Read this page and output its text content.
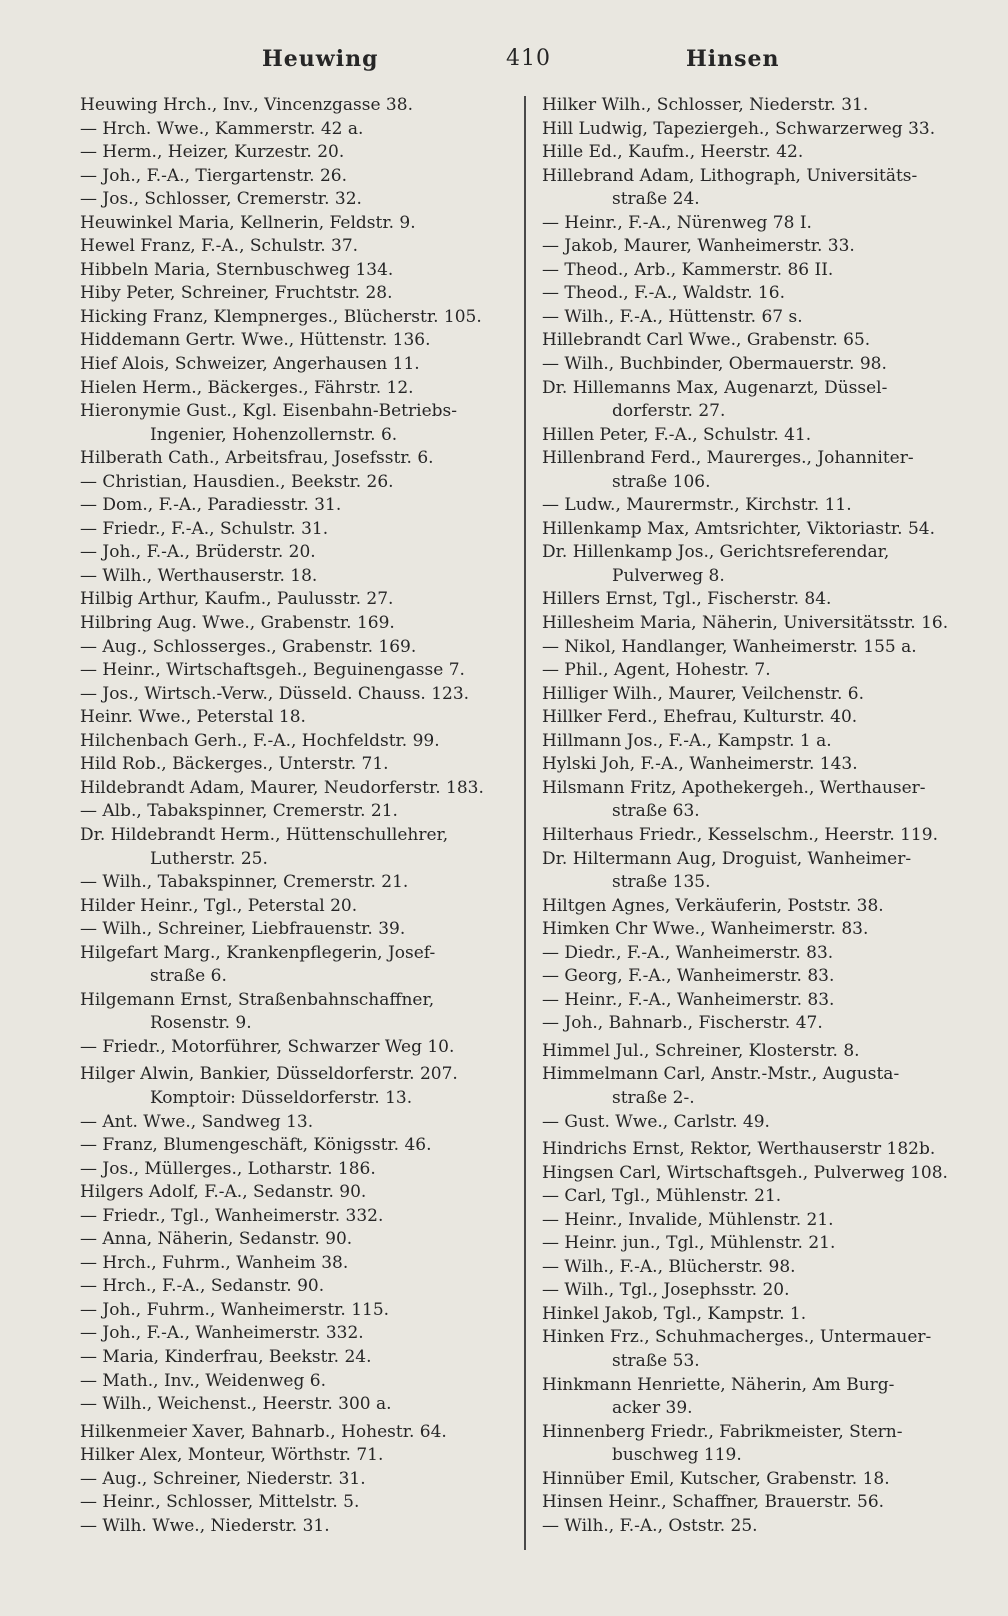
Heuwing	410	Hinsen
Heuwing Hrch., Inv., Vincenzgasse 38.
— Hrch. Wwe., Kammerstr. 42 a.
— Herm., Heizer, Kurzestr. 20.
— Joh., F.-A., Tiergartenstr. 26.
— Jos., Schlosser, Cremerstr. 32.
Heuwinkel Maria, Kellnerin, Feldstr. 9.
Hewel Franz, F.-A., Schulstr. 37.
Hibbeln Maria, Sternbuschweg 134.
Hiby Peter, Schreiner, Fruchtstr. 28.
Hicking Franz, Klempnerges., Blücherstr. 105.
Hiddemann Gertr. Wwe., Hüttenstr. 136.
Hief Alois, Schweizer, Angerhausen 11.
Hielen Herm., Bäckerges., Fährstr. 12.
Hieronymie Gust., Kgl. Eisenbahn-Betriebs-
Ingenier, Hohenzollernstr. 6.
Hilberath Cath., Arbeitsfrau, Josefsstr. 6.
— Christian, Hausdien., Beekstr. 26.
— Dom., F.-A., Paradiesstr. 31.
— Friedr., F.-A., Schulstr. 31.
— Joh., F.-A., Brüderstr. 20.
— Wilh., Werthauserstr. 18.
Hilbig Arthur, Kaufm., Paulusstr. 27.
Hilbring Aug. Wwe., Grabenstr. 169.
— Aug., Schlosserges., Grabenstr. 169.
— Heinr., Wirtschaftsgeh., Beguinengasse 7.
— Jos., Wirtsch.-Verw., Düsseld. Chauss. 123.
Heinr. Wwe., Peterstal 18.
Hilchenbach Gerh., F.-A., Hochfeldstr. 99.
Hild Rob., Bäckerges., Unterstr. 71.
Hildebrandt Adam, Maurer, Neudorferstr. 183.
— Alb., Tabakspinner, Cremerstr. 21.
Dr. Hildebrandt Herm., Hüttenschullehrer,
Lutherstr. 25.
— Wilh., Tabakspinner, Cremerstr. 21.
Hilder Heinr., Tgl., Peterstal 20.
— Wilh., Schreiner, Liebfrauenstr. 39.
Hilgefart Marg., Krankenpflegerin, Josef-
straße 6.
Hilgemann Ernst, Straßenbahnschaffner,
Rosenstr. 9.
— Friedr., Motorführer, Schwarzer Weg 10.
Hilger Alwin, Bankier, Düsseldorferstr. 207.
Komptoir: Düsseldorferstr. 13.
— Ant. Wwe., Sandweg 13.
— Franz, Blumengeschäft, Königsstr. 46.
— Jos., Müllerges., Lotharstr. 186.
Hilgers Adolf, F.-A., Sedanstr. 90.
— Friedr., Tgl., Wanheimerstr. 332.
— Anna, Näherin, Sedanstr. 90.
— Hrch., Fuhrm., Wanheim 38.
— Hrch., F.-A., Sedanstr. 90.
— Joh., Fuhrm., Wanheimerstr. 115.
— Joh., F.-A., Wanheimerstr. 332.
— Maria, Kinderfrau, Beekstr. 24.
— Math., Inv., Weidenweg 6.
— Wilh., Weichenst., Heerstr. 300 a.
Hilkenmeier Xaver, Bahnarb., Hohestr. 64.
Hilker Alex, Monteur, Wörthstr. 71.
— Aug., Schreiner, Niederstr. 31.
— Heinr., Schlosser, Mittelstr. 5.
— Wilh. Wwe., Niederstr. 31.
Hilker Wilh., Schlosser, Niederstr. 31.
Hill Ludwig, Tapeziergeh., Schwarzerweg 33.
Hille Ed., Kaufm., Heerstr. 42.
Hillebrand Adam, Lithograph, Universitäts-
straße 24.
— Heinr., F.-A., Nürenweg 78 I.
— Jakob, Maurer, Wanheimerstr. 33.
— Theod., Arb., Kammerstr. 86 II.
— Theod., F.-A., Waldstr. 16.
— Wilh., F.-A., Hüttenstr. 67 s.
Hillebrandt Carl Wwe., Grabenstr. 65.
— Wilh., Buchbinder, Obermauerstr. 98.
Dr. Hillemanns Max, Augenarzt, Düssel-
dorferstr. 27.
Hillen Peter, F.-A., Schulstr. 41.
Hillenbrand Ferd., Maurerges., Johanniter-
straße 106.
— Ludw., Maurermstr., Kirchstr. 11.
Hillenkamp Max, Amtsrichter, Viktoriastr. 54.
Dr. Hillenkamp Jos., Gerichtsreferendar,
Pulverweg 8.
Hillers Ernst, Tgl., Fischerstr. 84.
Hillesheim Maria, Näherin, Universitätsstr. 16.
— Nikol, Handlanger, Wanheimerstr. 155 a.
— Phil., Agent, Hohestr. 7.
Hilliger Wilh., Maurer, Veilchenstr. 6.
Hillker Ferd., Ehefrau, Kulturstr. 40.
Hillmann Jos., F.-A., Kampstr. 1 a.
Hylski Joh, F.-A., Wanheimerstr. 143.
Hilsmann Fritz, Apothekergeh., Werthauser-
straße 63.
Hilterhaus Friedr., Kesselschm., Heerstr. 119.
Dr. Hiltermann Aug, Droguist, Wanheimer-
straße 135.
Hiltgen Agnes, Verkäuferin, Poststr. 38.
Himken Chr Wwe., Wanheimerstr. 83.
— Diedr., F.-A., Wanheimerstr. 83.
— Georg, F.-A., Wanheimerstr. 83.
— Heinr., F.-A., Wanheimerstr. 83.
— Joh., Bahnarb., Fischerstr. 47.
Himmel Jul., Schreiner, Klosterstr. 8.
Himmelmann Carl, Anstr.-Mstr., Augusta-
straße 2-.
— Gust. Wwe., Carlstr. 49.
Hindrichs Ernst, Rektor, Werthauserstr 182b.
Hingsen Carl, Wirtschaftsgeh., Pulverweg 108.
— Carl, Tgl., Mühlenstr. 21.
— Heinr., Invalide, Mühlenstr. 21.
— Heinr. jun., Tgl., Mühlenstr. 21.
— Wilh., F.-A., Blücherstr. 98.
— Wilh., Tgl., Josephsstr. 20.
Hinkel Jakob, Tgl., Kampstr. 1.
Hinken Frz., Schuhmacherges., Untermauer-
straße 53.
Hinkmann Henriette, Näherin, Am Burg-
acker 39.
Hinnenberg Friedr., Fabrikmeister, Stern-
buschweg 119.
Hinnüber Emil, Kutscher, Grabenstr. 18.
Hinsen Heinr., Schaffner, Brauerstr. 56.
— Wilh., F.-A., Oststr. 25.
